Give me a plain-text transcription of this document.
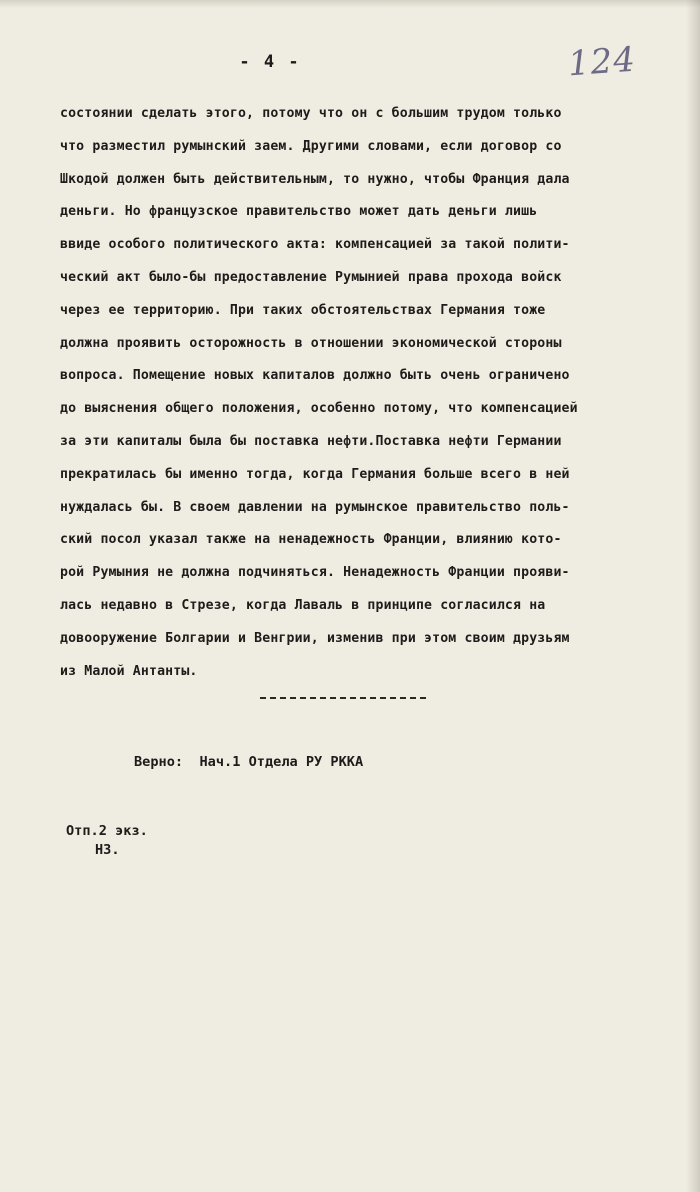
- 4 -	124
состоянии сделать этого, потому что он с большим трудом только
что разместил румынский заем. Другими словами, если договор со
Шкодой должен быть действительным, то нужно, чтобы Франция дала
деньги. Но французское правительство может дать деньги лишь
ввиде особого политического акта: компенсацией за такой полити-
ческий акт было-бы предоставление Румынией права прохода войск
через ее территорию. При таких обстоятельствах Германия тоже
должна проявить осторожность в отношении экономической стороны
вопроса. Помещение новых капиталов должно быть очень ограничено
до выяснения общего положения, особенно потому, что компенсацией
за эти капиталы была бы поставка нефти.Поставка нефти Германии
прекратилась бы именно тогда, когда Германия больше всего в ней
нуждалась бы. В своем давлении на румынское правительство поль-
ский посол указал также на ненадежность Франции, влиянию кото-
рой Румыния не должна подчиняться. Ненадежность Франции прояви-
лась недавно в Стрезе, когда Лаваль в принципе согласился на
довооружение Болгарии и Венгрии, изменив при этом своим друзьям
из Малой Антанты.
Верно:  Нач.1 Отдела РУ РККА
Отп.2 экз.
НЗ.
